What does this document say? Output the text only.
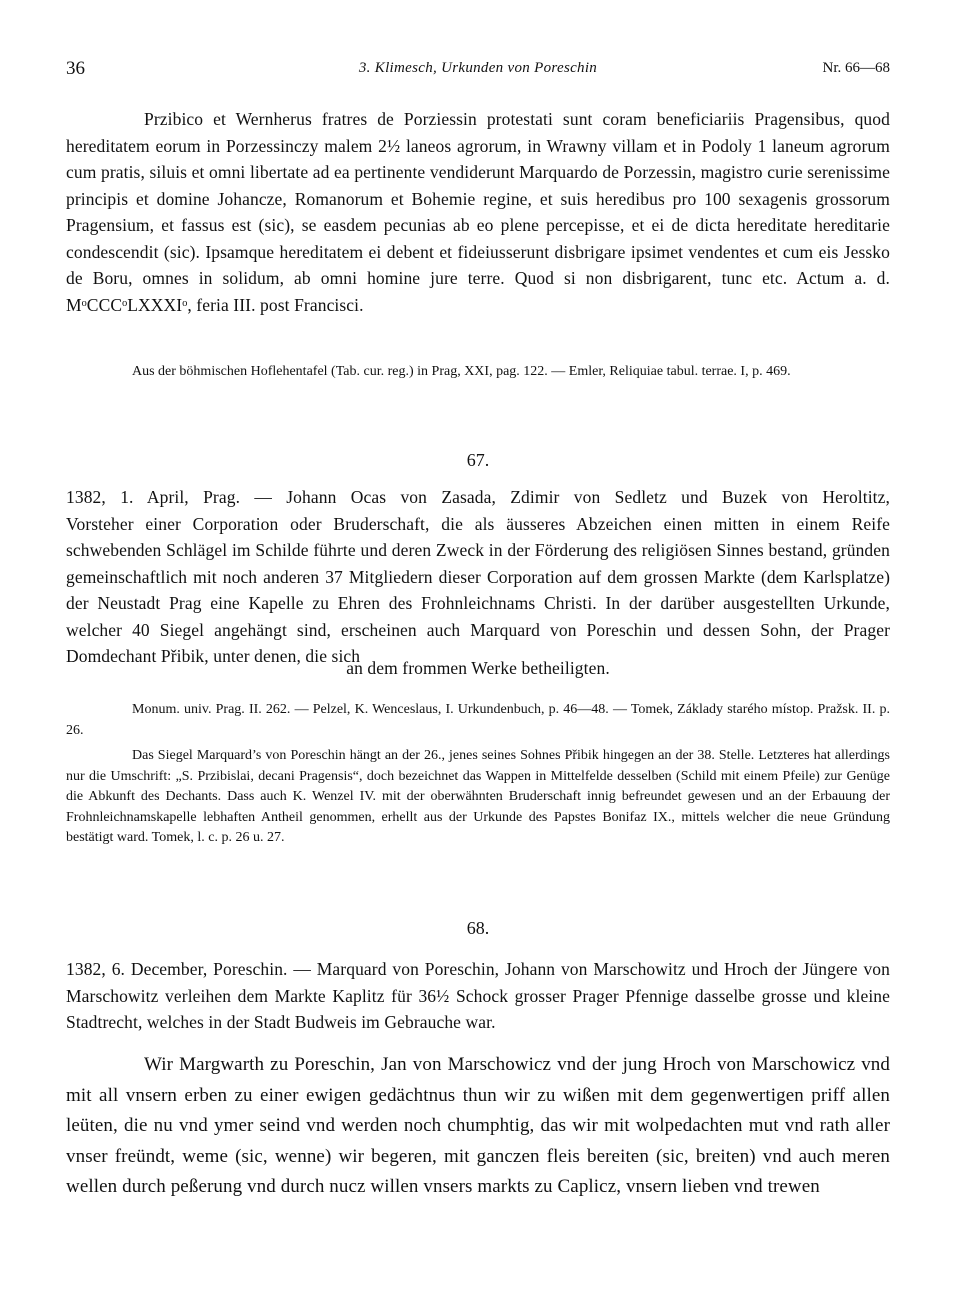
36	3. Klimesch, Urkunden von Poreschin	Nr. 66—68

Przibico et Wernherus fratres de Porziessin protestati sunt coram beneficiariis Pragensibus, quod hereditatem eorum in Porzessinczy malem 2½ laneos agrorum, in Wrawny villam et in Podoly 1 laneum agrorum cum pratis, siluis et omni libertate ad ea pertinente vendiderunt Marquardo de Porzessin, magistro curie serenissime principis et domine Johancze, Romanorum et Bohemie regine, et suis heredibus pro 100 sexagenis grossorum Pragensium, et fassus est (sic), se easdem pecunias ab eo plene percepisse, et ei de dicta hereditate hereditarie condescendit (sic). Ipsamque hereditatem ei debent et fideiusserunt disbrigare ipsimet vendentes et cum eis Jessko de Boru, omnes in solidum, ab omni homine jure terre. Quod si non disbrigarent, tunc etc. Actum a. d. MᵒCCCᵒLXXXIᵒ, feria III. post Francisci.

Aus der böhmischen Hoflehentafel (Tab. cur. reg.) in Prag, XXI, pag. 122. — Emler, Reliquiae tabul. terrae. I, p. 469.

67.

1382, 1. April, Prag. — Johann Ocas von Zasada, Zdimir von Sedletz und Buzek von Heroltitz,

Vorsteher einer Corporation oder Bruderschaft, die als äusseres Abzeichen einen mitten in einem Reife schwebenden Schlägel im Schilde führte und deren Zweck in der Förderung des religiösen Sinnes bestand, gründen gemeinschaftlich mit noch anderen 37 Mitgliedern dieser Corporation auf dem grossen Markte (dem Karlsplatze) der Neustadt Prag eine Kapelle zu Ehren des Frohnleichnams Christi. In der darüber ausgestellten Urkunde, welcher 40 Siegel angehängt sind, erscheinen auch Marquard von Poreschin und dessen Sohn, der Prager Domdechant Přibik, unter denen, die sich

an dem frommen Werke betheiligten.

Monum. univ. Prag. II. 262. — Pelzel, K. Wenceslaus, I. Urkundenbuch, p. 46—48. — Tomek, Základy starého místop. Pražsk. II. p. 26.

Das Siegel Marquard’s von Poreschin hängt an der 26., jenes seines Sohnes Přibik hingegen an der 38. Stelle. Letzteres hat allerdings nur die Umschrift: „S. Przibislai, decani Pragensis“, doch bezeichnet das Wappen in Mittelfelde desselben (Schild mit einem Pfeile) zur Genüge die Abkunft des Dechants. Dass auch K. Wenzel IV. mit der oberwähnten Bruderschaft innig befreundet gewesen und an der Erbauung der Frohnleichnamskapelle lebhaften Antheil genommen, erhellt aus der Urkunde des Papstes Bonifaz IX., mittels welcher die neue Gründung bestätigt ward. Tomek, l. c. p. 26 u. 27.

68.

1382, 6. December, Poreschin. — Marquard von Poreschin, Johann von Marschowitz und Hroch der Jüngere von Marschowitz verleihen dem Markte Kaplitz für 36½ Schock grosser Prager Pfennige dasselbe grosse und kleine Stadtrecht, welches in der Stadt Budweis im Gebrauche war.

Wir Margwarth zu Poreschin, Jan von Marschowicz vnd der jung Hroch von Marschowicz vnd mit all vnsern erben zu einer ewigen gedächtnus thun wir zu wißen mit dem gegenwertigen priff allen leüten, die nu vnd ymer seind vnd werden noch chumphtig, das wir mit wolpedachten mut vnd rath aller vnser freündt, weme (sic, wenne) wir begeren, mit ganczen fleis bereiten (sic, breiten) vnd auch meren wellen durch peßerung vnd durch nucz willen vnsers markts zu Caplicz, vnsern lieben vnd trewen
